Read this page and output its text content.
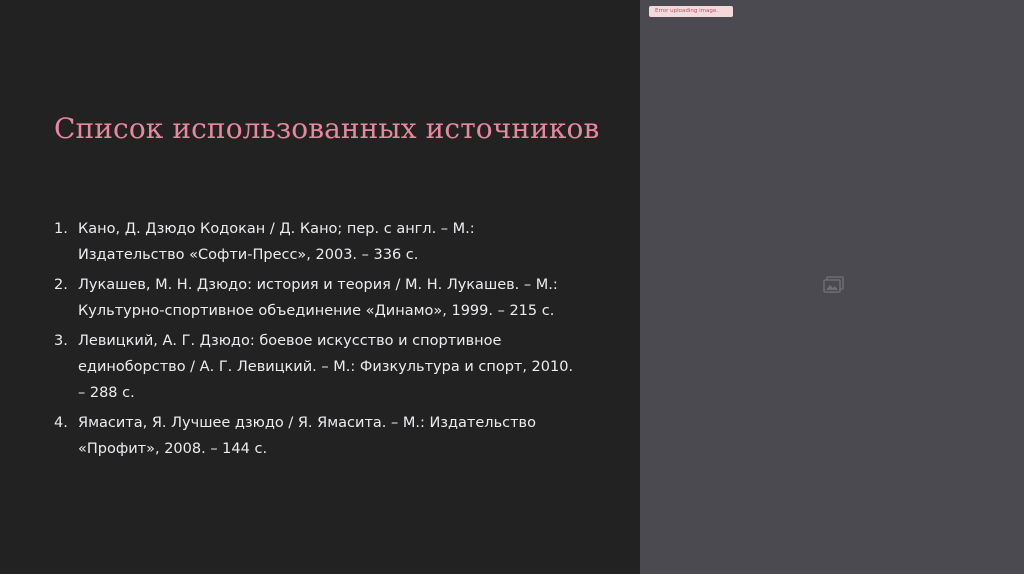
Список использованных источников
1. Кано, Д. Дзюдо Кодокан / Д. Кано; пер. с англ. – М.: Издательство «Софти-Пресс», 2003. – 336 с.
2. Лукашев, М. Н. Дзюдо: история и теория / М. Н. Лукашев. – М.: Культурно-спортивное объединение «Динамо», 1999. – 215 с.
3. Левицкий, А. Г. Дзюдо: боевое искусство и спортивное единоборство / А. Г. Левицкий. – М.: Физкультура и спорт, 2010. – 288 с.
4. Ямасита, Я. Лучшее дзюдо / Я. Ямасита. – М.: Издательство «Профит», 2008. – 144 с.
Error uploading image.
